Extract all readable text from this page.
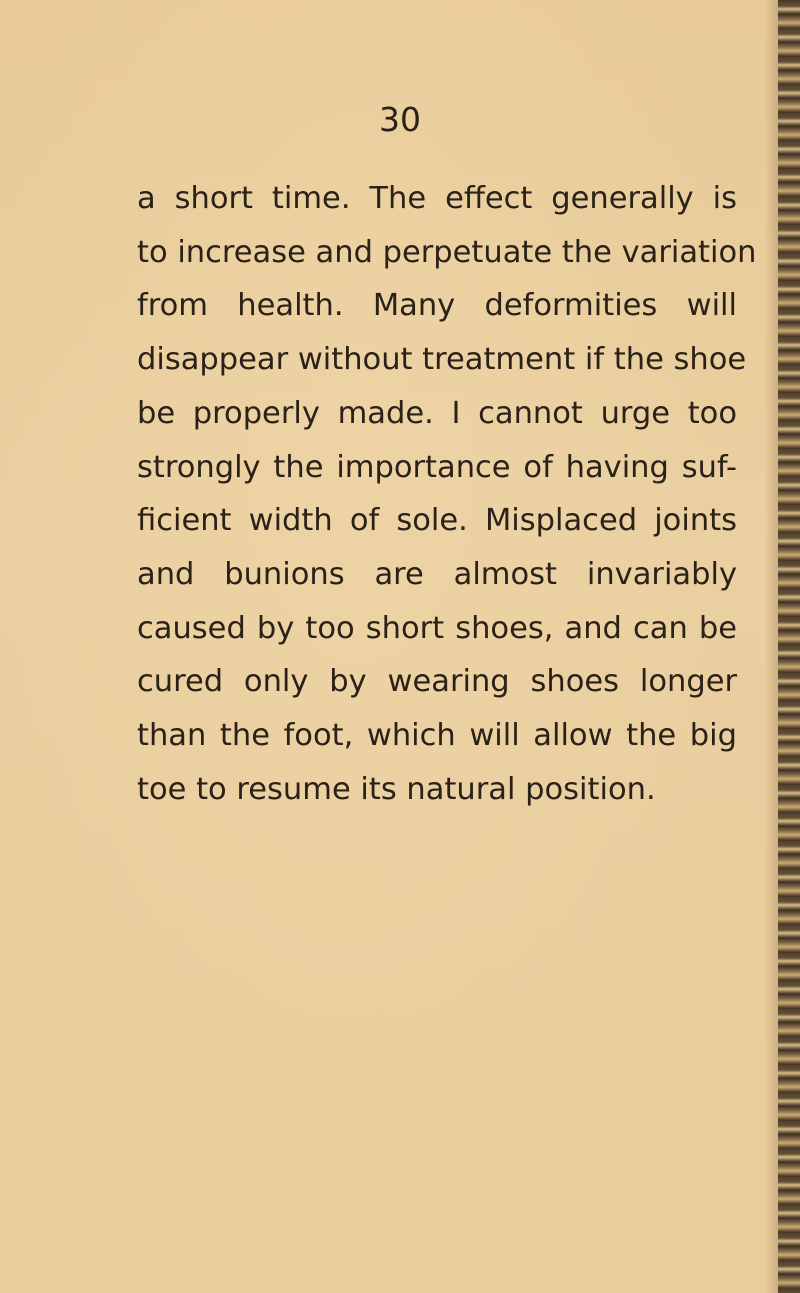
30
a short time. The effect generally is
to increase and perpetuate the variation
from health. Many deformities will
disappear without treatment if the shoe
be properly made. I cannot urge too
strongly the importance of having suf-
ficient width of sole. Misplaced joints
and bunions are almost invariably
caused by too short shoes, and can be
cured only by wearing shoes longer
than the foot, which will allow the big
toe to resume its natural position.
